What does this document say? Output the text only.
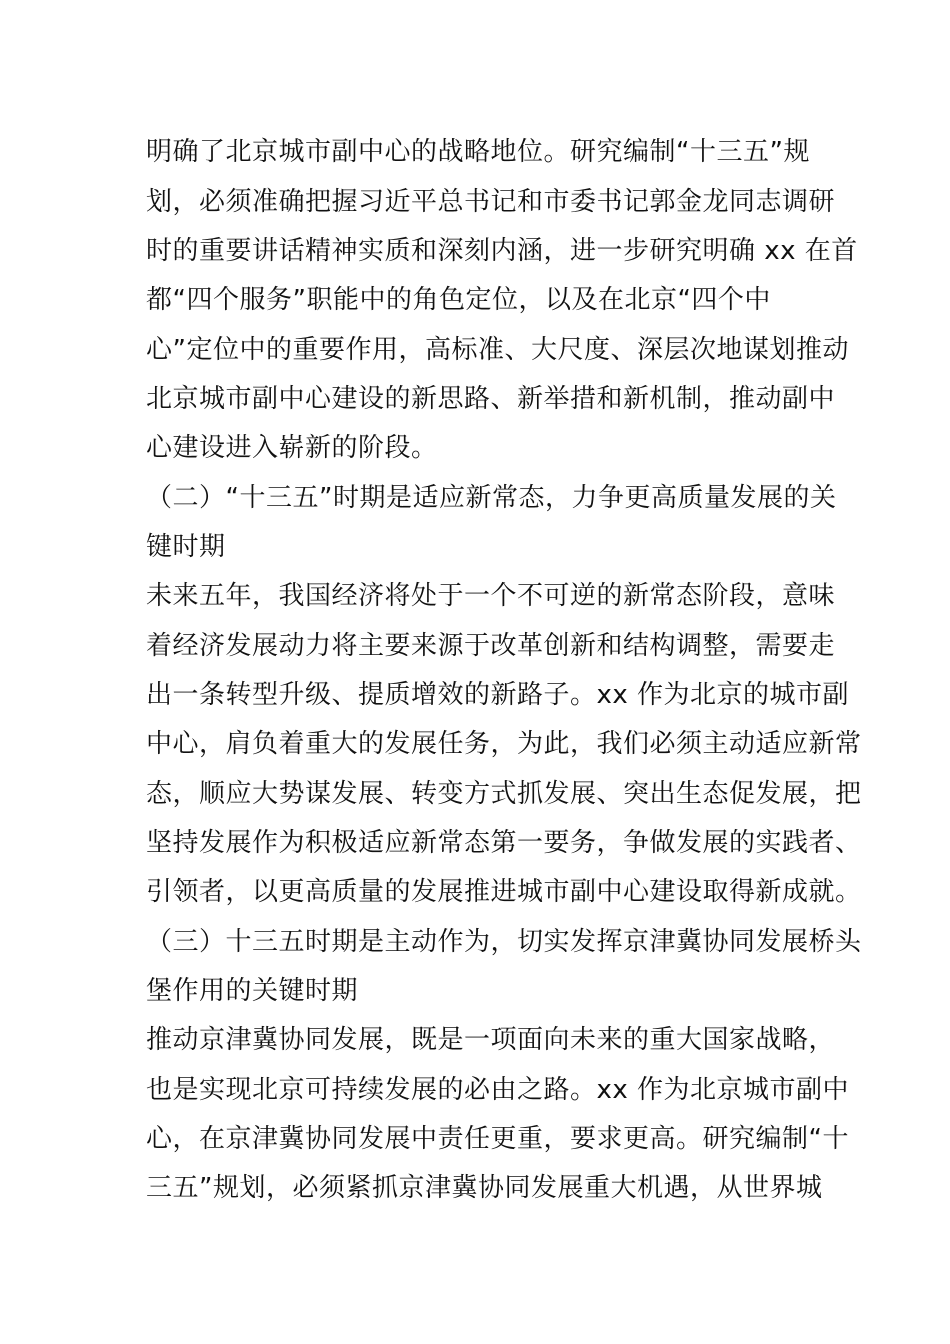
明确了北京城市副中心的战略地位。研究编制“十三五”规
划，必须准确把握习近平总书记和市委书记郭金龙同志调研
时的重要讲话精神实质和深刻内涵，进一步研究明确 xx 在首
都“四个服务”职能中的角色定位，以及在北京“四个中
心”定位中的重要作用，高标准、大尺度、深层次地谋划推动
北京城市副中心建设的新思路、新举措和新机制，推动副中
心建设进入崭新的阶段。
（二）“十三五”时期是适应新常态，力争更高质量发展的关
键时期
未来五年，我国经济将处于一个不可逆的新常态阶段，意味
着经济发展动力将主要来源于改革创新和结构调整，需要走
出一条转型升级、提质增效的新路子。xx 作为北京的城市副
中心，肩负着重大的发展任务，为此，我们必须主动适应新常
态，顺应大势谋发展、转变方式抓发展、突出生态促发展，把
坚持发展作为积极适应新常态第一要务，争做发展的实践者、
引领者，以更高质量的发展推进城市副中心建设取得新成就。
（三）十三五时期是主动作为，切实发挥京津冀协同发展桥头
堡作用的关键时期
推动京津冀协同发展，既是一项面向未来的重大国家战略，
也是实现北京可持续发展的必由之路。xx 作为北京城市副中
心，在京津冀协同发展中责任更重，要求更高。研究编制“十
三五”规划，必须紧抓京津冀协同发展重大机遇，从世界城
